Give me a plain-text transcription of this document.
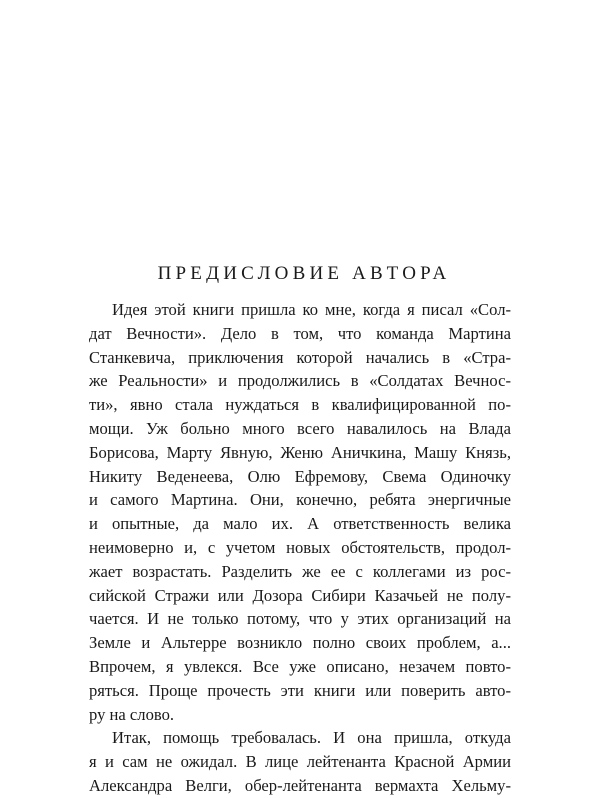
ПРЕДИСЛОВИЕ АВТОРА
Идея этой книги пришла ко мне, когда я писал «Сол-
дат Вечности». Дело в том, что команда Мартина
Станкевича, приключения которой начались в «Стра-
же Реальности» и продолжились в «Солдатах Вечнос-
ти», явно стала нуждаться в квалифицированной по-
мощи. Уж больно много всего навалилось на Влада
Борисова, Марту Явную, Женю Аничкина, Машу Князь,
Никиту Веденеева, Олю Ефремову, Свема Одиночку
и самого Мартина. Они, конечно, ребята энергичные
и опытные, да мало их. А ответственность велика
неимоверно и, с учетом новых обстоятельств, продол-
жает возрастать. Разделить же ее с коллегами из рос-
сийской Стражи или Дозора Сибири Казачьей не полу-
чается. И не только потому, что у этих организаций на
Земле и Альтерре возникло полно своих проблем, а...
Впрочем, я увлекся. Все уже описано, незачем повто-
ряться. Проще прочесть эти книги или поверить авто-
ру на слово.
Итак, помощь требовалась. И она пришла, откуда
я и сам не ожидал. В лице лейтенанта Красной Армии
Александра Велги, обер-лейтенанта вермахта Хельму-
